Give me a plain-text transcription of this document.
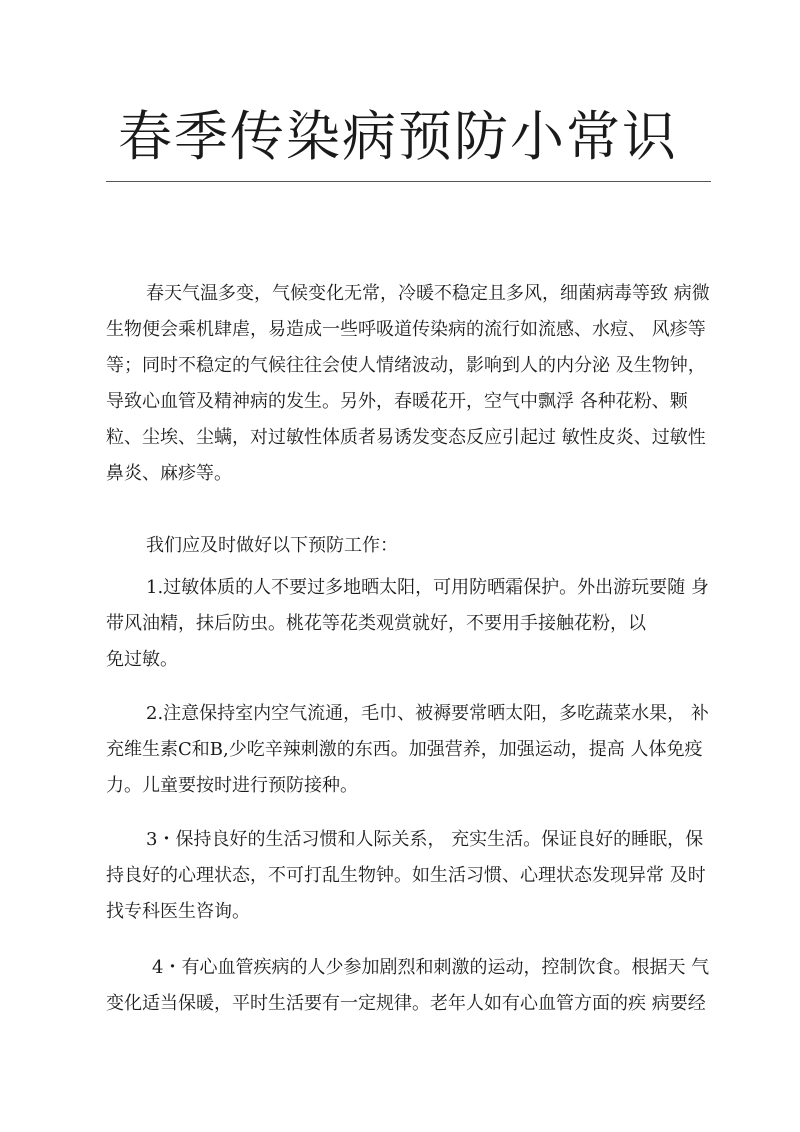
春季传染病预防小常识
春天气温多变，气候变化无常，冷暖不稳定且多风，细菌病毒等致 病微
生物便会乘机肆虐，易造成一些呼吸道传染病的流行如流感、水痘、 风疹等
等；同时不稳定的气候往往会使人情绪波动，影响到人的内分泌 及生物钟，
导致心血管及精神病的发生。另外，春暖花开，空气中飘浮 各种花粉、颗
粒、尘埃、尘螨，对过敏性体质者易诱发变态反应引起过 敏性皮炎、过敏性
鼻炎、麻疹等。
我们应及时做好以下预防工作：
1.过敏体质的人不要过多地晒太阳，可用防晒霜保护。外出游玩要随 身
带风油精，抹后防虫。桃花等花类观赏就好，不要用手接触花粉，以
免过敏。
2.注意保持室内空气流通，毛巾、被褥要常晒太阳，多吃蔬菜水果， 补
充维生素C和B,少吃辛辣刺激的东西。加强营养，加强运动，提高 人体免疫
力。儿童要按时进行预防接种。
3・保持良好的生活习惯和人际关系， 充实生活。保证良好的睡眠，保
持良好的心理状态，不可打乱生物钟。如生活习惯、心理状态发现异常 及时
找专科医生咨询。
4・有心血管疾病的人少参加剧烈和刺激的运动，控制饮食。根据天 气
变化适当保暖，平时生活要有一定规律。老年人如有心血管方面的疾 病要经
